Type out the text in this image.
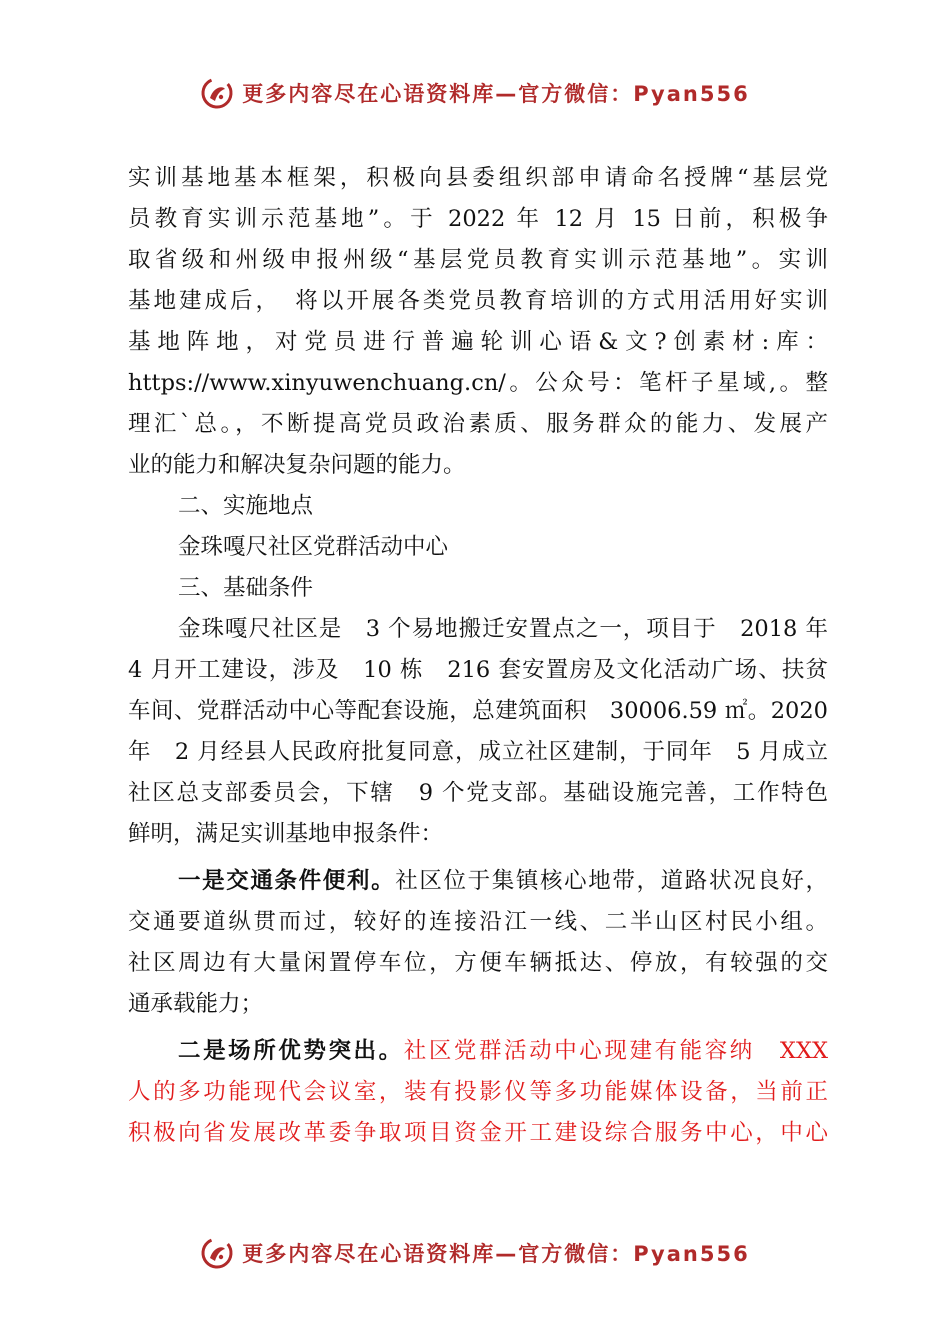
更多内容尽在心语资料库—官方微信：Pyan556
实训基地基本框架，积极向县委组织部申请命名授牌“基层党
员教育实训示范基地”。于 2022 年 12 月 15 日前，积极争
取省级和州级申报州级“基层党员教育实训示范基地”。实训
基地建成后，　将以开展各类党员教育培训的方式用活用好实训
基地阵地，对党员进行普遍轮训心语&文?创素材:库：
https://www.xinyuwenchuang.cn/。公众号：笔杆子星域,。整
理汇`总。，不断提高党员政治素质、服务群众的能力、发展产
业的能力和解决复杂问题的能力。
二、实施地点
金珠嘎尺社区党群活动中心
三、基础条件
金珠嘎尺社区是　3 个易地搬迁安置点之一，项目于　2018 年
4 月开工建设，涉及　10 栋　216 套安置房及文化活动广场、扶贫
车间、党群活动中心等配套设施，总建筑面积　30006.59 ㎡。2020
年　2 月经县人民政府批复同意，成立社区建制，于同年　5 月成立
社区总支部委员会，下辖　9 个党支部。基础设施完善，工作特色
鲜明，满足实训基地申报条件：
一是交通条件便利。社区位于集镇核心地带，道路状况良好，
交通要道纵贯而过，较好的连接沿江一线、二半山区村民小组。
社区周边有大量闲置停车位，方便车辆抵达、停放，有较强的交
通承载能力；
二是场所优势突出。社区党群活动中心现建有能容纳　XXX
人的多功能现代会议室，装有投影仪等多功能媒体设备，当前正
积极向省发展改革委争取项目资金开工建设综合服务中心，中心
更多内容尽在心语资料库—官方微信：Pyan556
